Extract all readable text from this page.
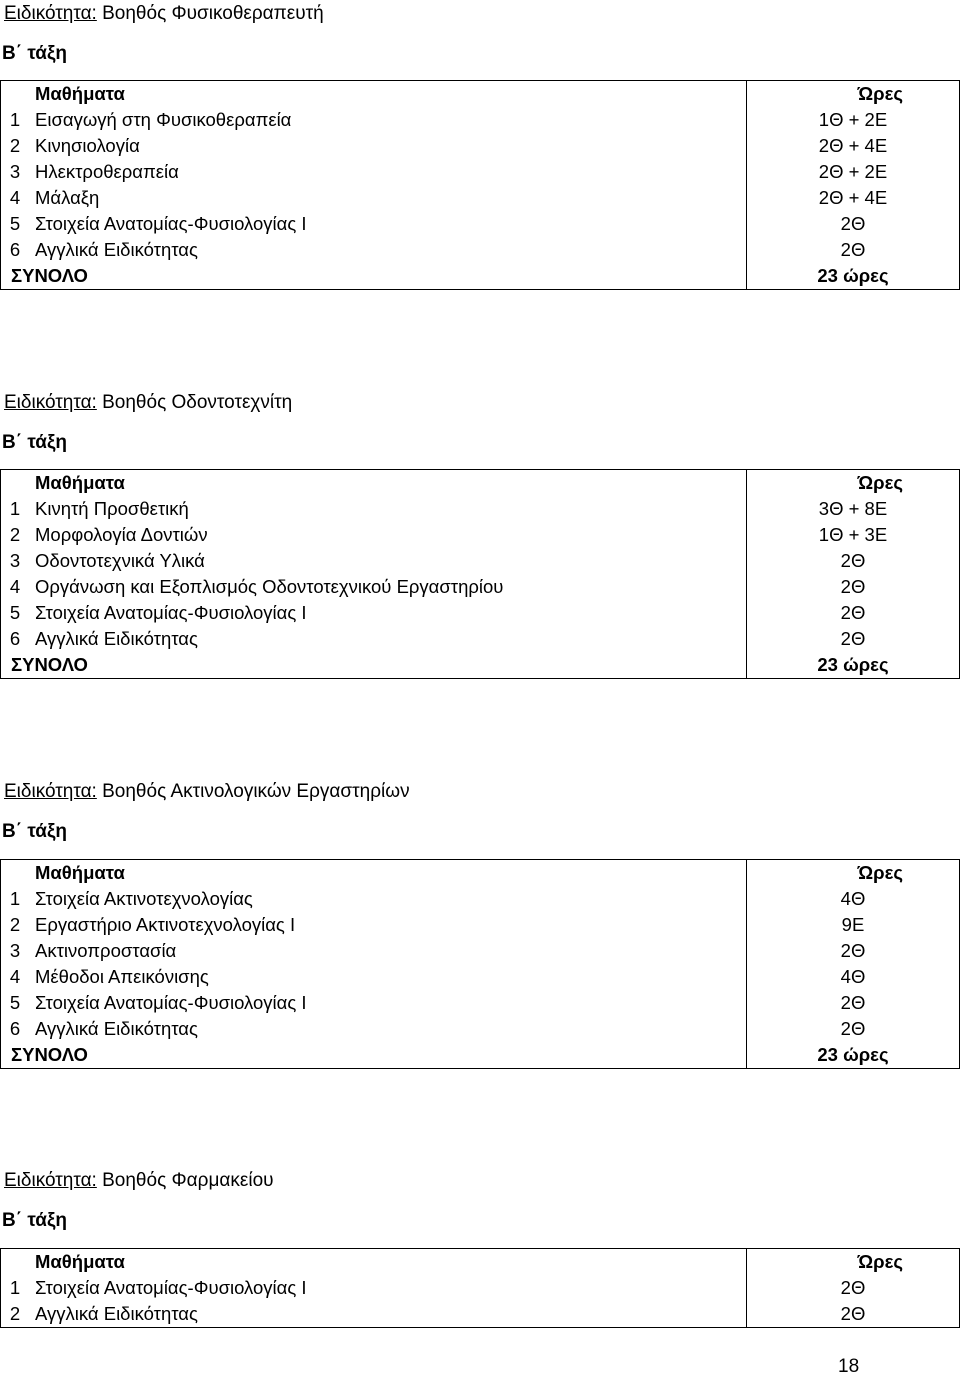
Ειδικότητα: Βοηθός Φυσικοθεραπευτή
Β΄ τάξη
	Μαθήματα	Ώρες
1	Εισαγωγή στη Φυσικοθεραπεία	1Θ + 2Ε
2	Κινησιολογία	2Θ + 4Ε
3	Ηλεκτροθεραπεία	2Θ + 2Ε
4	Μάλαξη	2Θ + 4Ε
5	Στοιχεία Ανατομίας-Φυσιολογίας Ι	2Θ
6	Αγγλικά Ειδικότητας	2Θ
ΣΥΝΟΛΟ		23 ώρες
Ειδικότητα: Βοηθός Οδοντοτεχνίτη
Β΄ τάξη
	Μαθήματα	Ώρες
1	Κινητή Προσθετική	3Θ + 8Ε
2	Μορφολογία Δοντιών	1Θ + 3Ε
3	Οδοντοτεχνικά Υλικά	2Θ
4	Οργάνωση και Εξοπλισμός Οδοντοτεχνικού Εργαστηρίου	2Θ
5	Στοιχεία Ανατομίας-Φυσιολογίας Ι	2Θ
6	Αγγλικά Ειδικότητας	2Θ
ΣΥΝΟΛΟ		23 ώρες
Ειδικότητα: Βοηθός Ακτινολογικών Εργαστηρίων
Β΄ τάξη
	Μαθήματα	Ώρες
1	Στοιχεία Ακτινοτεχνολογίας	4Θ
2	Εργαστήριο Ακτινοτεχνολογίας Ι	9Ε
3	Ακτινοπροστασία	2Θ
4	Μέθοδοι Απεικόνισης	4Θ
5	Στοιχεία Ανατομίας-Φυσιολογίας Ι	2Θ
6	Αγγλικά Ειδικότητας	2Θ
ΣΥΝΟΛΟ		23 ώρες
Ειδικότητα: Βοηθός Φαρμακείου
Β΄ τάξη
	Μαθήματα	Ώρες
1	Στοιχεία Ανατομίας-Φυσιολογίας Ι	2Θ
2	Αγγλικά Ειδικότητας	2Θ
18
